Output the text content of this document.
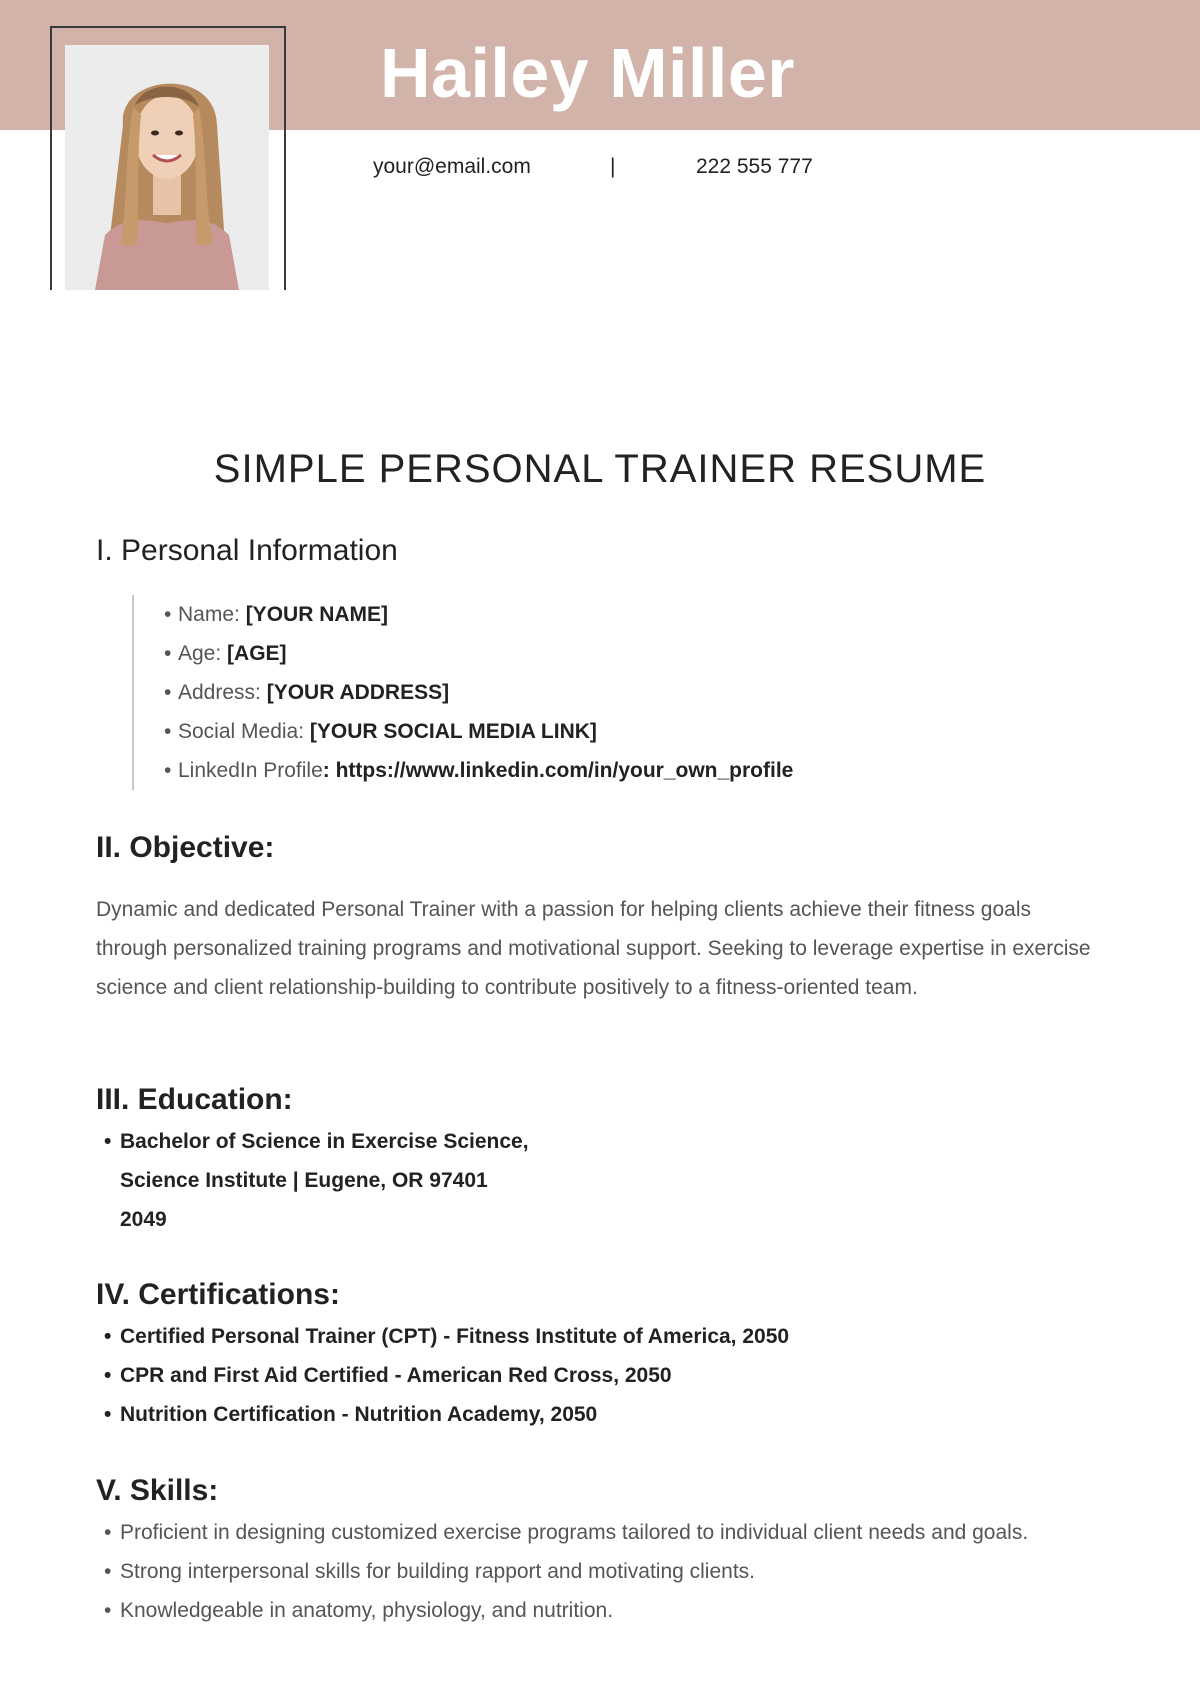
Hailey Miller
your@email.com	|	222 555 777
SIMPLE PERSONAL TRAINER RESUME
I. Personal Information
• Name: [YOUR NAME]
• Age: [AGE]
• Address: [YOUR ADDRESS]
• Social Media: [YOUR SOCIAL MEDIA LINK]
• LinkedIn Profile: https://www.linkedin.com/in/your_own_profile
II. Objective:
Dynamic and dedicated Personal Trainer with a passion for helping clients achieve their fitness goals through personalized training programs and motivational support. Seeking to leverage expertise in exercise science and client relationship-building to contribute positively to a fitness-oriented team.
III. Education:
• Bachelor of Science in Exercise Science,
Science Institute | Eugene, OR 97401
2049
IV. Certifications:
• Certified Personal Trainer (CPT) - Fitness Institute of America, 2050
• CPR and First Aid Certified - American Red Cross, 2050
• Nutrition Certification - Nutrition Academy, 2050
V. Skills:
• Proficient in designing customized exercise programs tailored to individual client needs and goals.
• Strong interpersonal skills for building rapport and motivating clients.
• Knowledgeable in anatomy, physiology, and nutrition.
